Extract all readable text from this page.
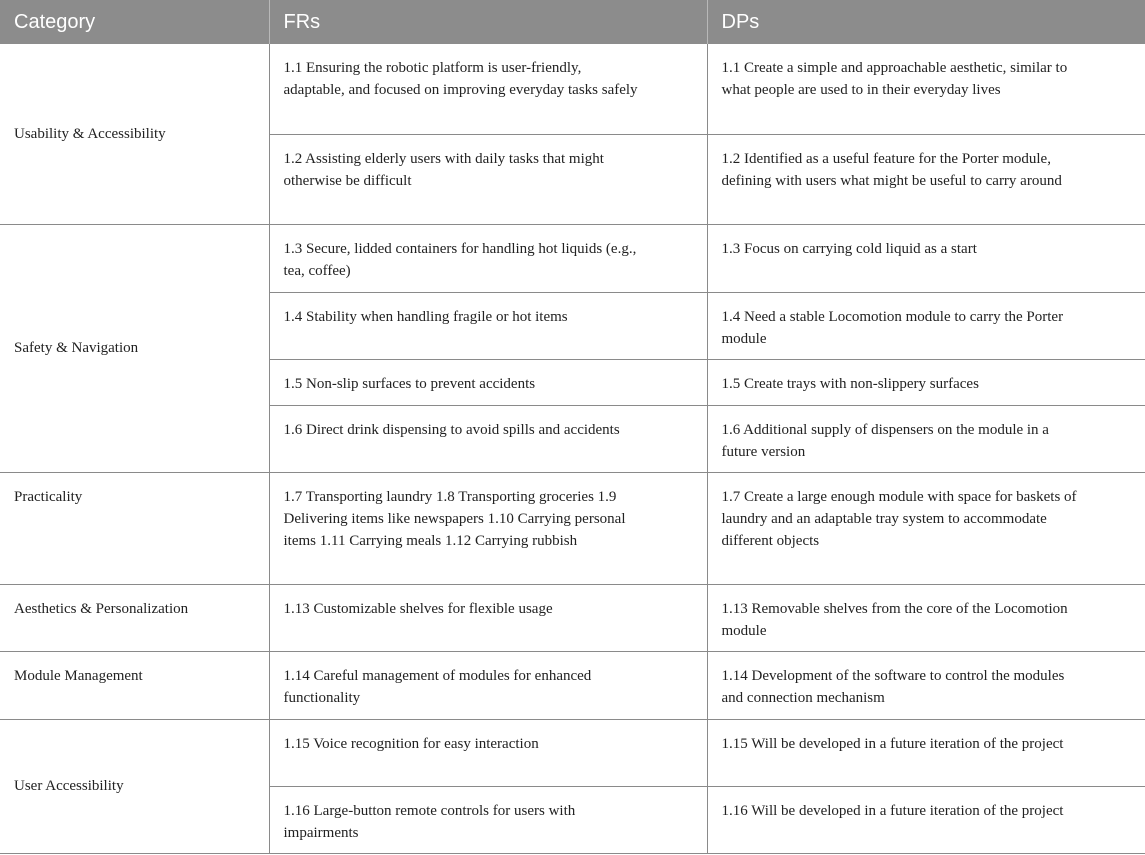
Category	FRs	DPs
Usability & Accessibility	1.1 Ensuring the robotic platform is user-friendly, adaptable, and focused on improving everyday tasks safely	1.1 Create a simple and approachable aesthetic, similar to what people are used to in their everyday lives

	1.2 Assisting elderly users with daily tasks that might otherwise be difficult	1.2 Identified as a useful feature for the Porter module, defining with users what might be useful to carry around

Safety & Navigation	1.3 Secure, lidded containers for handling hot liquids (e.g., tea, coffee)	1.3 Focus on carrying cold liquid as a start

	1.4 Stability when handling fragile or hot items	1.4 Need a stable Locomotion module to carry the Porter module

	1.5 Non-slip surfaces to prevent accidents	1.5 Create trays with non-slippery surfaces

	1.6 Direct drink dispensing to avoid spills and accidents	1.6 Additional supply of dispensers on the module in a future version

Practicality	1.7 Transporting laundry 1.8 Transporting groceries 1.9 Delivering items like newspapers 1.10 Carrying personal items 1.11 Carrying meals 1.12 Carrying rubbish	1.7 Create a large enough module with space for baskets of laundry and an adaptable tray system to accommodate different objects

Aesthetics & Personalization	1.13 Customizable shelves for flexible usage	1.13 Removable shelves from the core of the Locomotion module

Module Management	1.14 Careful management of modules for enhanced functionality	1.14 Development of the software to control the modules and connection mechanism

User Accessibility	1.15 Voice recognition for easy interaction	1.15 Will be developed in a future iteration of the project

	1.16 Large-button remote controls for users with impairments	1.16 Will be developed in a future iteration of the project
